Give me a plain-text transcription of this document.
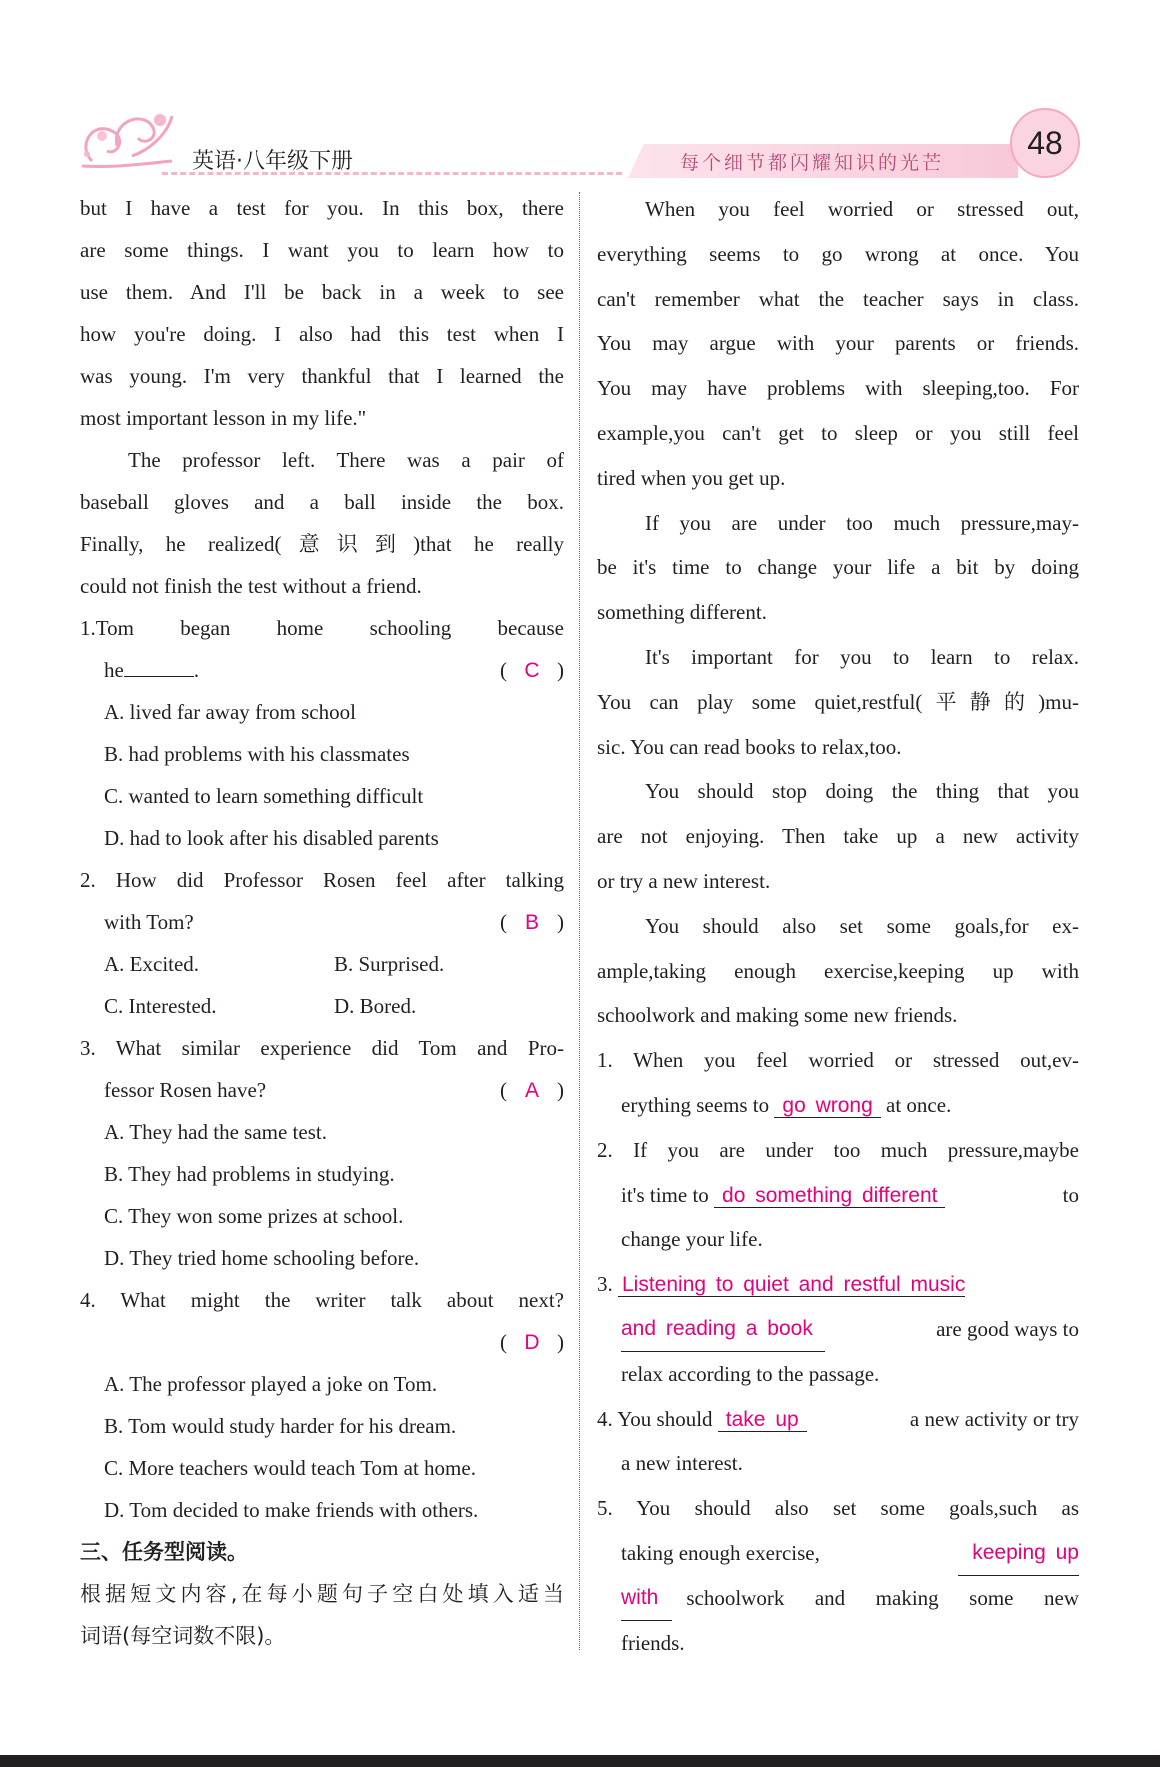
英语·八年级下册	每个细节都闪耀知识的光芒
48
but I have a test for you. In this box, there
are some things. I want you to learn how to
use them. And I'll be back in a week to see
how you're doing. I also had this test when I
was young. I'm very thankful that I learned the
most important lesson in my life."
The professor left. There was a pair of
baseball gloves and a ball inside the box.
Finally, he realized(意识到)that he really
could not finish the test without a friend.
1.Tom began home schooling because
he	.	( C )
A. lived far away from school
B. had problems with his classmates
C. wanted to learn something difficult
D. had to look after his disabled parents
2. How did Professor Rosen feel after talking
with Tom?	( B )
A. Excited.	B. Surprised.
C. Interested.	D. Bored.
3. What similar experience did Tom and Pro-
fessor Rosen have?	( A )
A. They had the same test.
B. They had problems in studying.
C. They won some prizes at school.
D. They tried home schooling before.
4. What might the writer talk about next?
( D )
A. The professor played a joke on Tom.
B. Tom would study harder for his dream.
C. More teachers would teach Tom at home.
D. Tom decided to make friends with others.
三、任务型阅读。
根据短文内容,在每小题句子空白处填入适当
词语(每空词数不限)。
When you feel worried or stressed out,
everything seems to go wrong at once. You
can't remember what the teacher says in class.
You may argue with your parents or friends.
You may have problems with sleeping,too. For
example,you can't get to sleep or you still feel
tired when you get up.
If you are under too much pressure,may-
be it's time to change your life a bit by doing
something different.
It's important for you to learn to relax.
You can play some quiet,restful(平静的)mu-
sic. You can read books to relax,too.
You should stop doing the thing that you
are not enjoying. Then take up a new activity
or try a new interest.
You should also set some goals,for ex-
ample,taking enough exercise,keeping up with
schoolwork and making some new friends.
1. When you feel worried or stressed out,ev-
erything seems to go wrong at once.
2. If you are under too much pressure,maybe
it's time to do something different	to
change your life.
3. Listening to quiet and restful music
and reading a book	are good ways to
relax according to the passage.
4. You should take up	a new activity or try
a new interest.
5. You should also set some goals,such as
taking enough exercise,	keeping up
with	schoolwork and making some new
friends.
